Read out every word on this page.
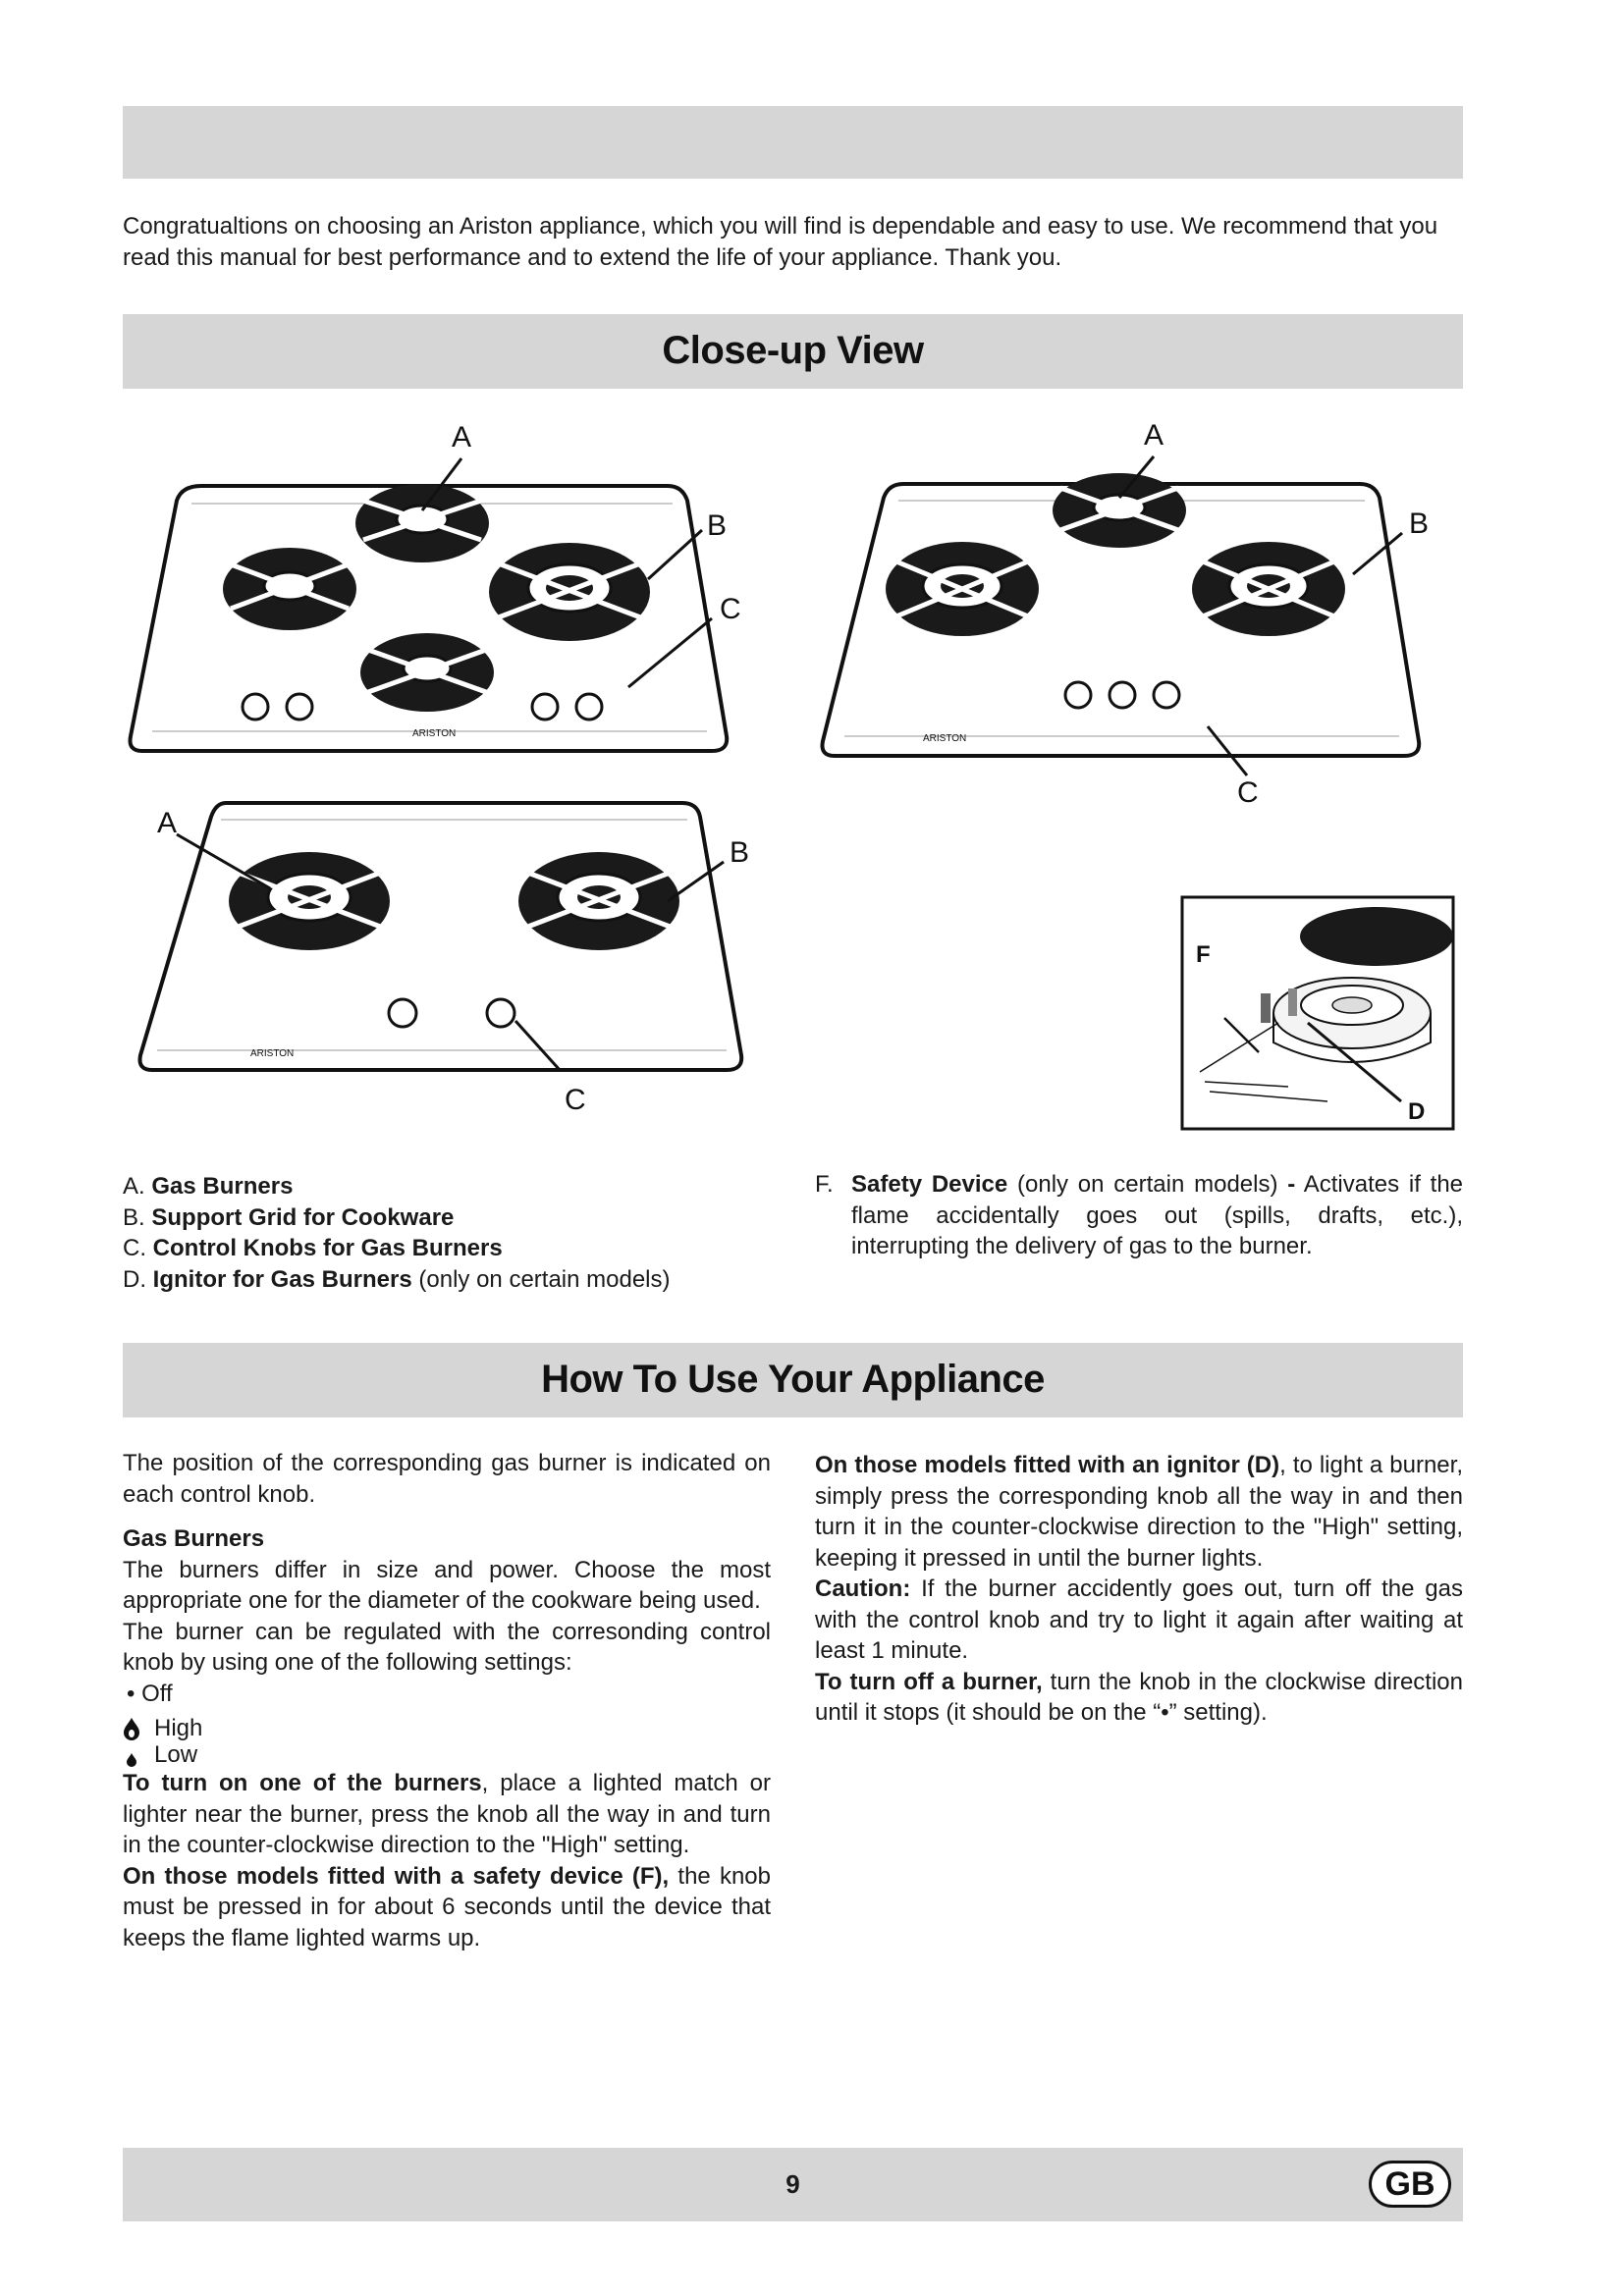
Congratualtions on choosing an Ariston appliance, which you will find is dependable and easy to use. We recommend that you read this manual for best performance and to extend the life of your appliance. Thank you.

Close-up View
ARISTON
A
B
C
ARISTON
A
B
C
ARISTON
A
B
C
F
D
A. Gas Burners
B. Support Grid for Cookware
C. Control Knobs for Gas Burners
D. Ignitor for Gas Burners (only on certain models)
F. Safety Device (only on certain models) - Activates if the flame accidentally goes out (spills, drafts, etc.), interrupting the delivery of gas to the burner.
How To Use Your Appliance

The position of the corresponding gas burner is indicated on each control knob.

Gas Burners

The burners differ in size and power. Choose the most appropriate one for the diameter of the cookware being used.

The burner can be regulated with the corresonding control knob by using one of the following settings:

• Off

High
Low

To turn on one of the burners, place a lighted match or lighter near the burner, press the knob all the way in and turn in the counter-clockwise direction to the "High" setting.

On those models fitted with a safety device (F), the knob must be pressed in for about 6 seconds until the device that keeps the flame lighted warms up.

On those models fitted with an ignitor (D), to light a burner, simply press the corresponding knob all the way in and then turn it in the counter-clockwise direction to the "High" setting, keeping it pressed in until the burner lights.

Caution: If the burner accidently goes out, turn off the gas with the control knob and try to light it again after waiting at least 1 minute.

To turn off a burner, turn the knob in the clockwise direction until it stops (it should be on the “•” setting).

9	GB
